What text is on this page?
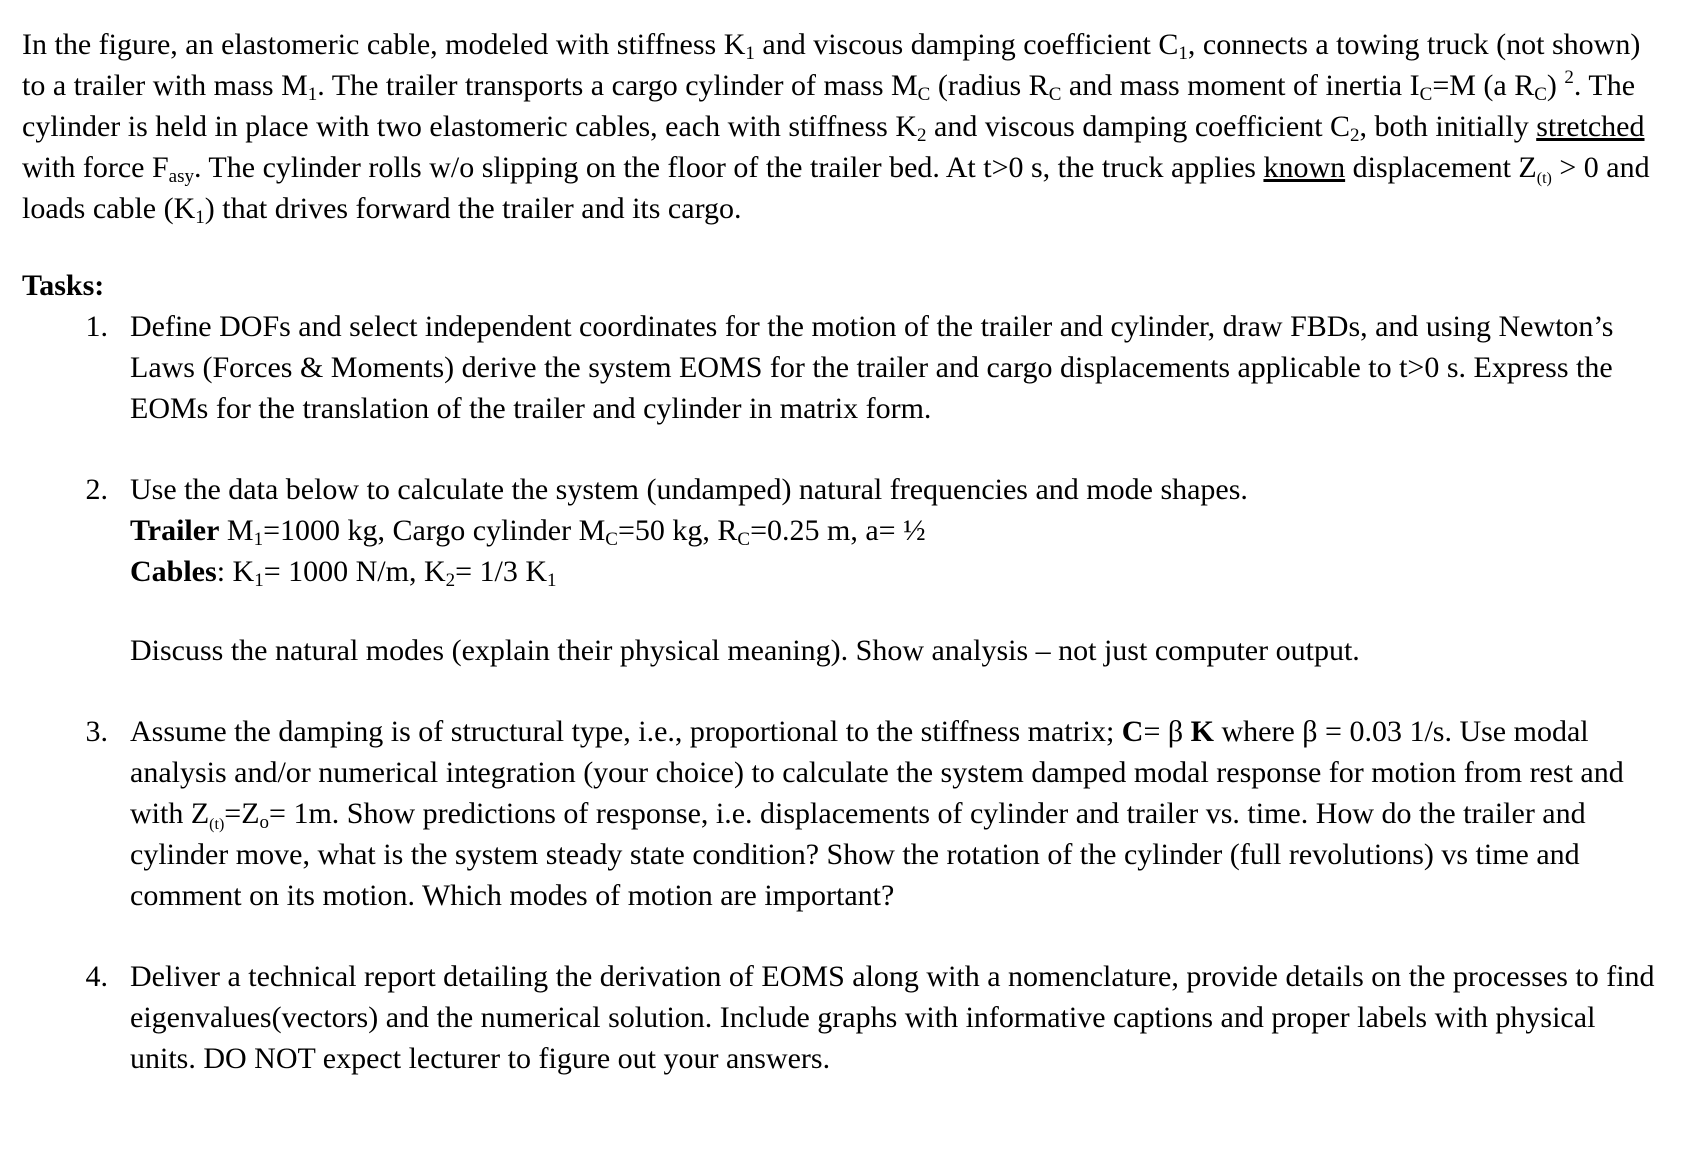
In the figure, an elastomeric cable, modeled with stiffness $K_1$ and viscous damping coefficient $C_1$, connects a towing truck (not shown) to a trailer with mass $M_1$. The trailer transports a cargo cylinder of mass $M_C$ (radius $R_C$ and mass moment of inertia $I_C=M$ (a $R_C$) $^2$. The cylinder is held in place with two elastomeric cables, each with stiffness $K_2$ and viscous damping coefficient $C_2$, both initially stretched with force $F_{asy}$. The cylinder rolls w/o slipping on the floor of the trailer bed. At t>0 s, the truck applies known displacement $Z_{(t)} > 0$ and loads cable $(K_1)$ that drives forward the trailer and its cargo.

Tasks:
1. Define DOFs and select independent coordinates for the motion of the trailer and cylinder, draw FBDs, and using Newton’s Laws (Forces & Moments) derive the system EOMS for the trailer and cargo displacements applicable to t>0 s. Express the EOMs for the translation of the trailer and cylinder in matrix form.
2. Use the data below to calculate the system (undamped) natural frequencies and mode shapes.
Trailer $M_1=1000$ kg, Cargo cylinder $M_C=50$ kg, $R_C=0.25$ m, a= ½
Cables: $K_1= 1000$ N/m, $K_2= 1/3$ $K_1$
Discuss the natural modes (explain their physical meaning). Show analysis – not just computer output.
3. Assume the damping is of structural type, i.e., proportional to the stiffness matrix; C= β K where β = 0.03 1/s. Use modal analysis and/or numerical integration (your choice) to calculate the system damped modal response for motion from rest and with $Z_{(t)}=Z_o= 1m$. Show predictions of response, i.e. displacements of cylinder and trailer vs. time. How do the trailer and cylinder move, what is the system steady state condition? Show the rotation of the cylinder (full revolutions) vs time and comment on its motion. Which modes of motion are important?
4. Deliver a technical report detailing the derivation of EOMS along with a nomenclature, provide details on the processes to find eigenvalues(vectors) and the numerical solution. Include graphs with informative captions and proper labels with physical units. DO NOT expect lecturer to figure out your answers.
